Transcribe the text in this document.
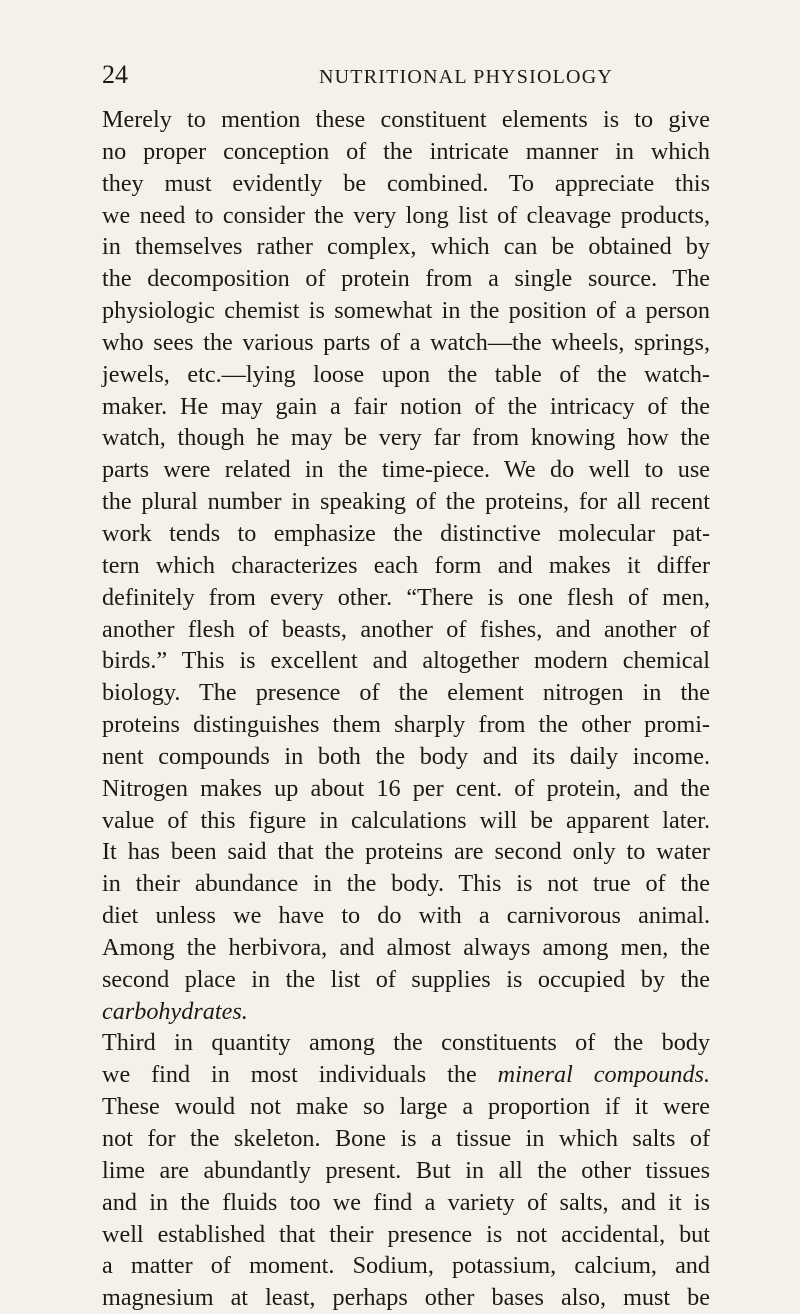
24	NUTRITIONAL PHYSIOLOGY
Merely to mention these constituent elements is to give
no proper conception of the intricate manner in which
they must evidently be combined. To appreciate this
we need to consider the very long list of cleavage products,
in themselves rather complex, which can be obtained by
the decomposition of protein from a single source. The
physiologic chemist is somewhat in the position of a person
who sees the various parts of a watch—the wheels, springs,
jewels, etc.—lying loose upon the table of the watch-
maker. He may gain a fair notion of the intricacy of the
watch, though he may be very far from knowing how the
parts were related in the time-piece. We do well to use
the plural number in speaking of the proteins, for all recent
work tends to emphasize the distinctive molecular pat-
tern which characterizes each form and makes it differ
definitely from every other. “There is one flesh of men,
another flesh of beasts, another of fishes, and another of
birds.” This is excellent and altogether modern chemical
biology. The presence of the element nitrogen in the
proteins distinguishes them sharply from the other promi-
nent compounds in both the body and its daily income.
Nitrogen makes up about 16 per cent. of protein, and the
value of this figure in calculations will be apparent later.
It has been said that the proteins are second only to water
in their abundance in the body. This is not true of the
diet unless we have to do with a carnivorous animal.
Among the herbivora, and almost always among men, the
second place in the list of supplies is occupied by the
carbohydrates.
Third in quantity among the constituents of the body
we find in most individuals the mineral compounds.
These would not make so large a proportion if it were
not for the skeleton. Bone is a tissue in which salts of
lime are abundantly present. But in all the other tissues
and in the fluids too we find a variety of salts, and it is
well established that their presence is not accidental, but
a matter of moment. Sodium, potassium, calcium, and
magnesium at least, perhaps other bases also, must be
